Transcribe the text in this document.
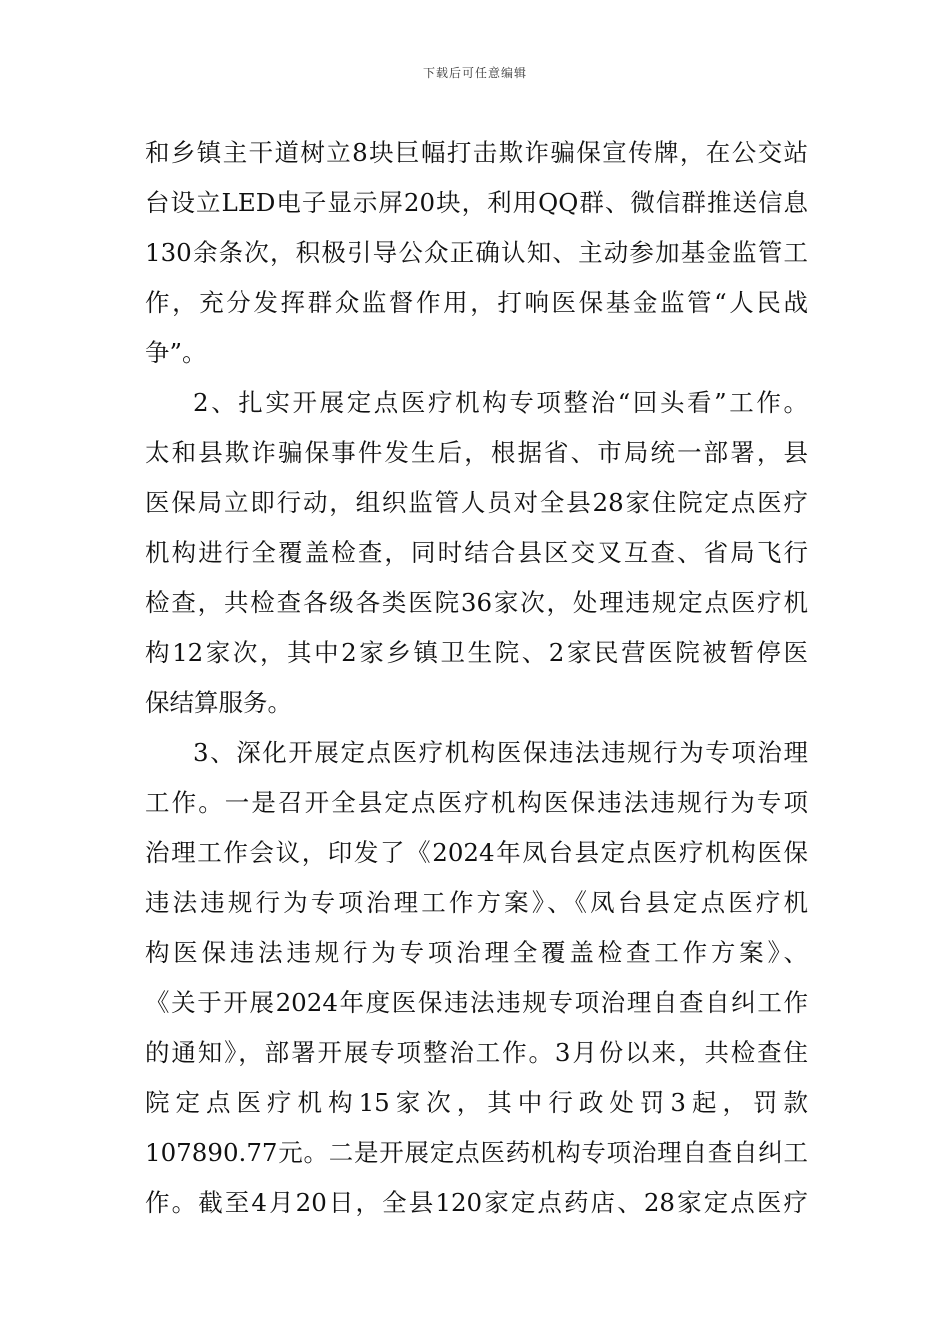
下载后可任意编辑
和乡镇主干道树立8块巨幅打击欺诈骗保宣传牌，在公交站
台设立LED电子显示屏20块，利用QQ群、微信群推送信息
130余条次，积极引导公众正确认知、主动参加基金监管工
作，充分发挥群众监督作用，打响医保基金监管“人民战
争”。
2、扎实开展定点医疗机构专项整治“回头看”工作。
太和县欺诈骗保事件发生后，根据省、市局统一部署，县
医保局立即行动，组织监管人员对全县28家住院定点医疗
机构进行全覆盖检查，同时结合县区交叉互查、省局飞行
检查，共检查各级各类医院36家次，处理违规定点医疗机
构12家次，其中2家乡镇卫生院、2家民营医院被暂停医
保结算服务。
3、深化开展定点医疗机构医保违法违规行为专项治理
工作。一是召开全县定点医疗机构医保违法违规行为专项
治理工作会议，印发了《2024年凤台县定点医疗机构医保
违法违规行为专项治理工作方案》、《凤台县定点医疗机
构医保违法违规行为专项治理全覆盖检查工作方案》、
《关于开展2024年度医保违法违规专项治理自查自纠工作
的通知》，部署开展专项整治工作。3月份以来，共检查住
院定点医疗机构15家次，其中行政处罚3起，罚款
107890.77元。二是开展定点医药机构专项治理自查自纠工
作。截至4月20日，全县120家定点药店、28家定点医疗
